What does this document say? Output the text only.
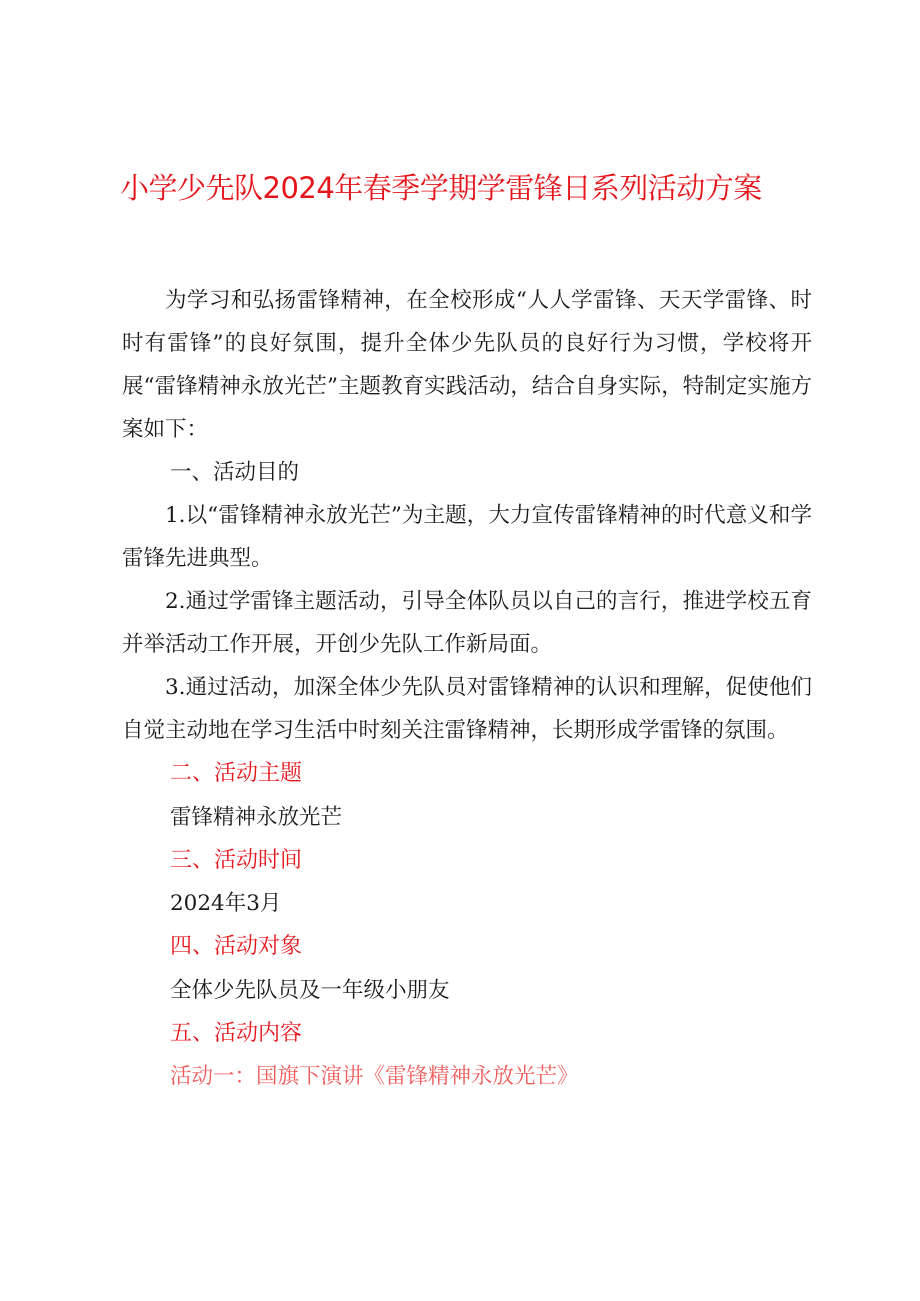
小学少先队2024年春季学期学雷锋日系列活动方案

为学习和弘扬雷锋精神，在全校形成“人人学雷锋、天天学雷锋、时时有雷锋”的良好氛围，提升全体少先队员的良好行为习惯，学校将开展“雷锋精神永放光芒”主题教育实践活动，结合自身实际，特制定实施方案如下：

一、活动目的

1.以“雷锋精神永放光芒”为主题，大力宣传雷锋精神的时代意义和学雷锋先进典型。

2.通过学雷锋主题活动，引导全体队员以自己的言行，推进学校五育并举活动工作开展，开创少先队工作新局面。

3.通过活动，加深全体少先队员对雷锋精神的认识和理解，促使他们自觉主动地在学习生活中时刻关注雷锋精神，长期形成学雷锋的氛围。

二、活动主题

雷锋精神永放光芒

三、活动时间

2024年3月

四、活动对象

全体少先队员及一年级小朋友

五、活动内容

活动一：国旗下演讲《雷锋精神永放光芒》
